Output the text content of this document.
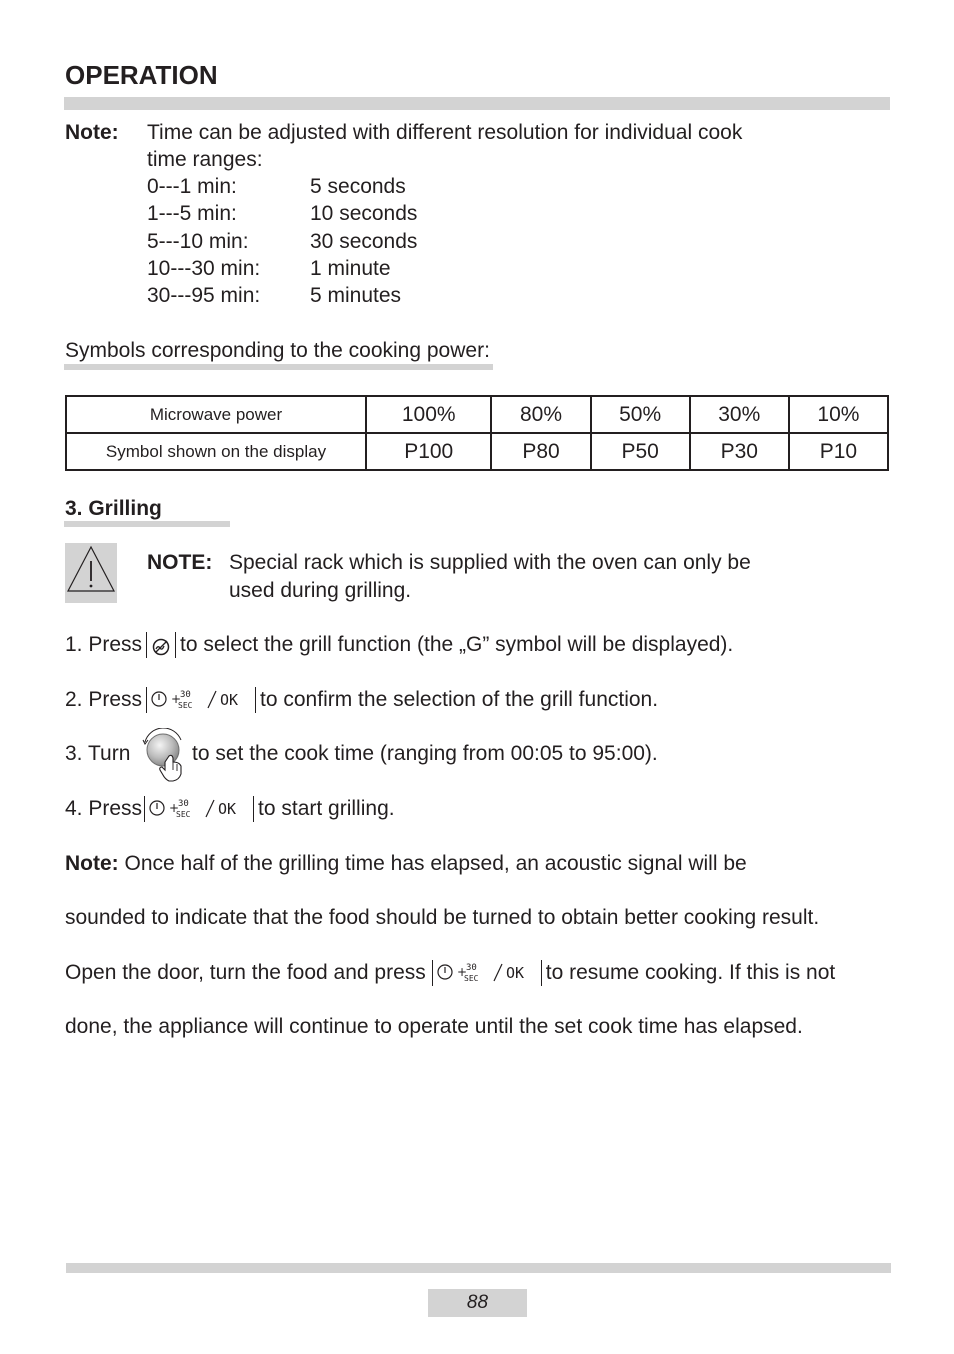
OPERATION
Note: Time can be adjusted with different resolution for individual cook
time ranges:
0---1 min:	5 seconds
1---5 min:	10 seconds
5---10 min:	30 seconds
10---30 min: 1 minute
30---95 min: 5 minutes
Symbols corresponding to the cooking power:
Microwave power	100%	80%	50%	30%	10%
Symbol shown on the display	P100	P80	P50	P30	P10
3. Grilling
NOTE: Special rack which is supplied with the oven can only be
used during grilling.
1. Press to select the grill function (the „G” symbol will be displayed).
2. Press +
30
SEC OK to confirm the selection of the grill function.
3. Turn	to set the cook time (ranging from 00:05 to 95:00).
4. Press +
30
SEC OK to start grilling.
Note: Once half of the grilling time has elapsed, an acoustic signal will be
sounded to indicate that the food should be turned to obtain better cooking result.
Open the door, turn the food and press	+
30
SEC OK to resume cooking. If this is not
done, the appliance will continue to operate until the set cook time has elapsed.
88
